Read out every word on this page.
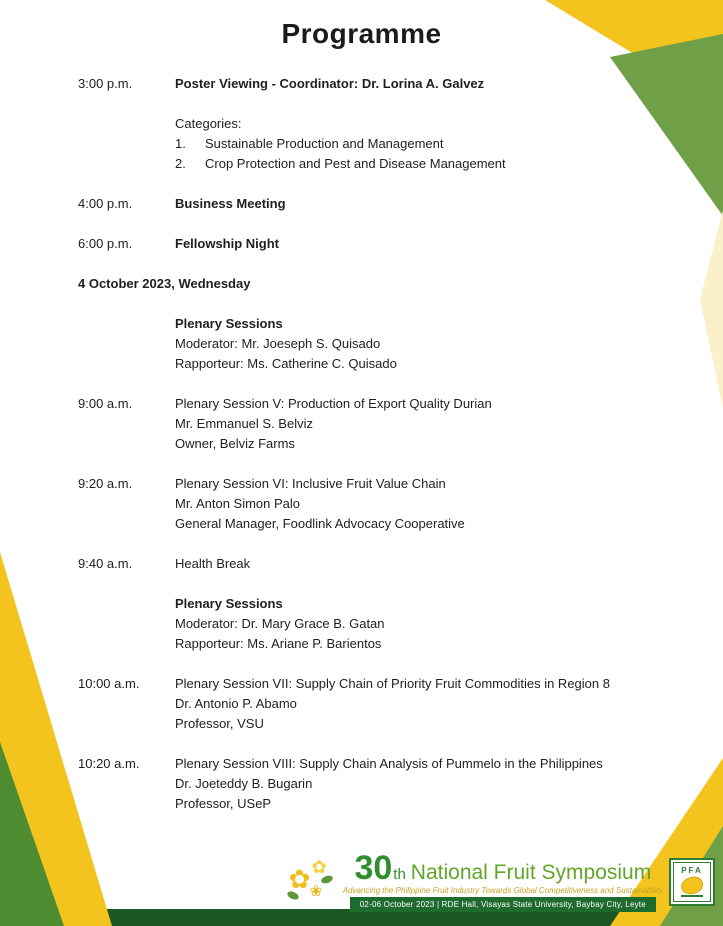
Programme
3:00 p.m.	Poster Viewing - Coordinator: Dr. Lorina A. Galvez
Categories:
1. Sustainable Production and Management
2. Crop Protection and Pest and Disease Management
4:00 p.m.	Business Meeting
6:00 p.m.	Fellowship Night
4 October 2023, Wednesday
Plenary Sessions
Moderator: Mr. Joeseph S. Quisado
Rapporteur: Ms. Catherine C. Quisado
9:00 a.m.	Plenary Session V: Production of Export Quality Durian
Mr. Emmanuel S. Belviz
Owner, Belviz Farms
9:20 a.m.	Plenary Session VI: Inclusive Fruit Value Chain
Mr. Anton Simon Palo
General Manager, Foodlink Advocacy Cooperative
9:40 a.m.	Health Break
Plenary Sessions
Moderator: Dr. Mary Grace B. Gatan
Rapporteur: Ms. Ariane P. Barientos
10:00 a.m.	Plenary Session VII: Supply Chain of Priority Fruit Commodities in Region 8
Dr. Antonio P. Abamo
Professor, VSU
10:20 a.m.	Plenary Session VIII: Supply Chain Analysis of Pummelo in the Philippines
Dr. Joeteddy B. Bugarin
Professor, USeP
✿ ✿
❀
30 th National Fruit Symposium
Advancing the Philippine Fruit Industry Towards Global Competitiveness and Sustainability
02-06 October 2023 | RDE Hall, Visayas State University, Baybay City, Leyte
PFA
